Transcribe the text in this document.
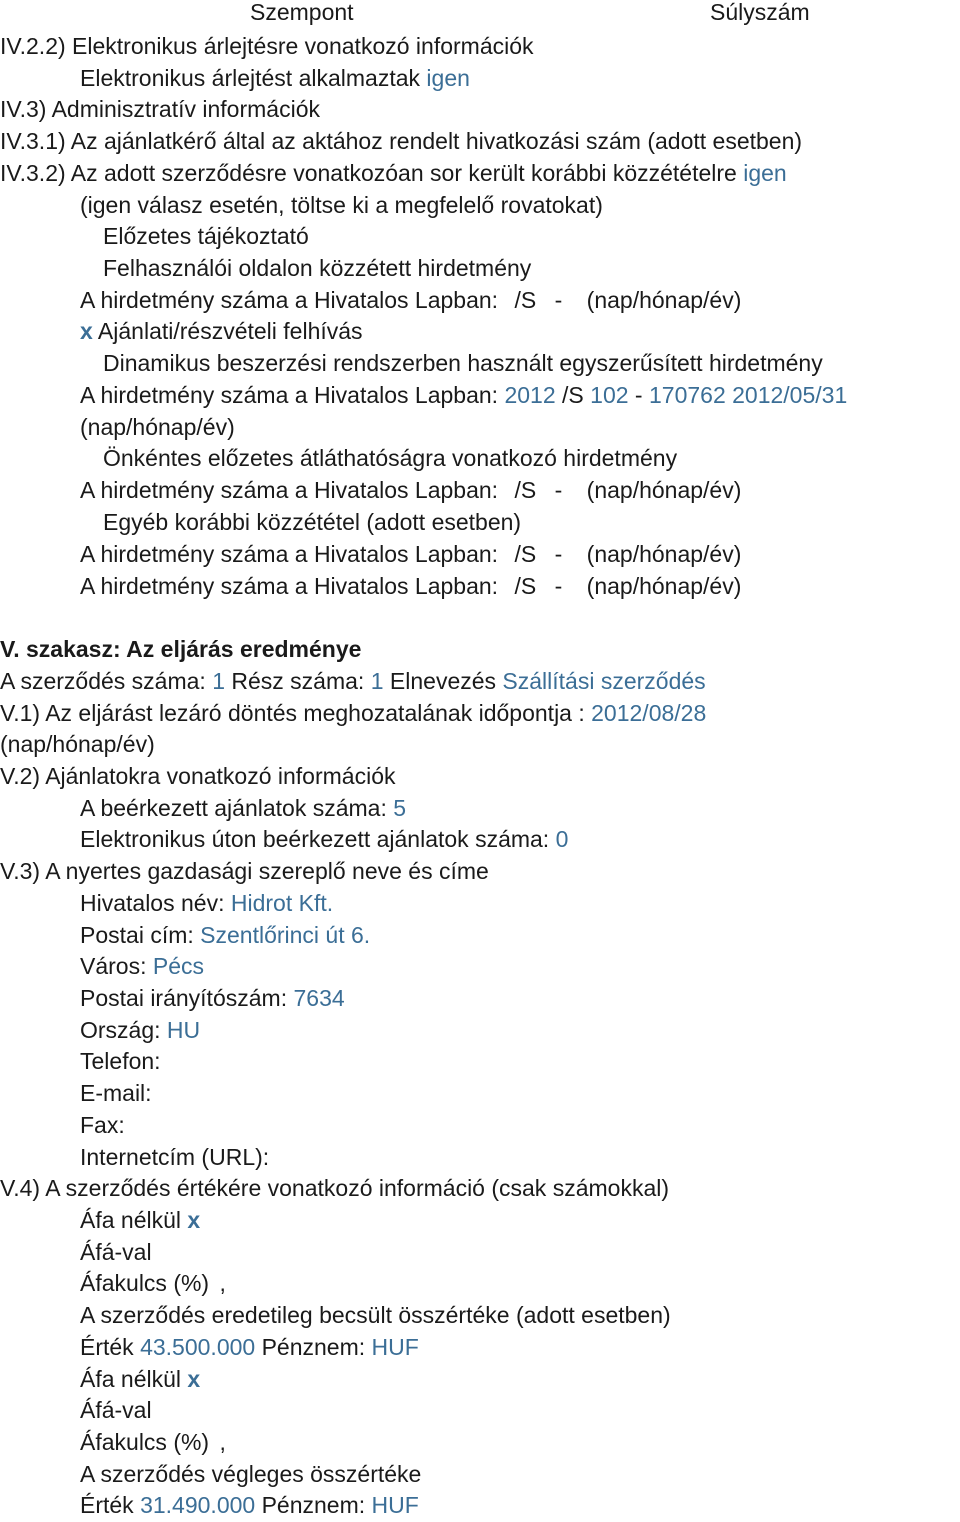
Szempont	Súlyszám
IV.2.2) Elektronikus árlejtésre vonatkozó információk
Elektronikus árlejtést alkalmaztak igen
IV.3) Adminisztratív információk
IV.3.1) Az ajánlatkérő által az aktához rendelt hivatkozási szám (adott esetben)
IV.3.2) Az adott szerződésre vonatkozóan sor került korábbi közzétételre igen
(igen válasz esetén, töltse ki a megfelelő rovatokat)
Előzetes tájékoztató
Felhasználói oldalon közzétett hirdetmény
A hirdetmény száma a Hivatalos Lapban: /S - (nap/hónap/év)
x Ajánlati/részvételi felhívás
Dinamikus beszerzési rendszerben használt egyszerűsített hirdetmény
A hirdetmény száma a Hivatalos Lapban: 2012 /S 102 - 170762 2012/05/31
(nap/hónap/év)
Önkéntes előzetes átláthatóságra vonatkozó hirdetmény
A hirdetmény száma a Hivatalos Lapban: /S - (nap/hónap/év)
Egyéb korábbi közzététel (adott esetben)
A hirdetmény száma a Hivatalos Lapban: /S - (nap/hónap/év)
A hirdetmény száma a Hivatalos Lapban: /S - (nap/hónap/év)
V. szakasz: Az eljárás eredménye
A szerződés száma: 1 Rész száma: 1 Elnevezés Szállítási szerződés
V.1) Az eljárást lezáró döntés meghozatalának időpontja : 2012/08/28
(nap/hónap/év)
V.2) Ajánlatokra vonatkozó információk
A beérkezett ajánlatok száma: 5
Elektronikus úton beérkezett ajánlatok száma: 0
V.3) A nyertes gazdasági szereplő neve és címe
Hivatalos név: Hidrot Kft.
Postai cím: Szentlőrinci út 6.
Város: Pécs
Postai irányítószám: 7634
Ország: HU
Telefon:
E-mail:
Fax:
Internetcím (URL):
V.4) A szerződés értékére vonatkozó információ (csak számokkal)
Áfa nélkül x
Áfá-val
Áfakulcs (%) ,
A szerződés eredetileg becsült összértéke (adott esetben)
Érték 43.500.000 Pénznem: HUF
Áfa nélkül x
Áfá-val
Áfakulcs (%) ,
A szerződés végleges összértéke
Érték 31.490.000 Pénznem: HUF
